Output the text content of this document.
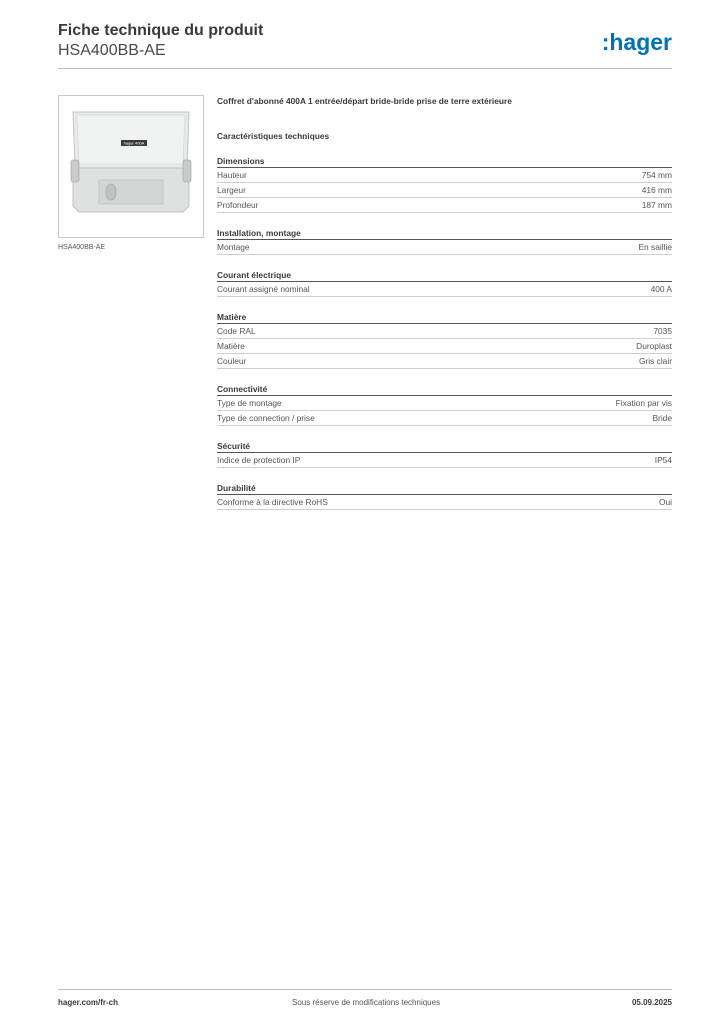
Fiche technique du produit
HSA400BB-AE	:hager
hager 400A
HSA400BB-AE
Coffret d'abonné 400A 1 entrée/départ bride-bride prise de terre extérieure
Caractéristiques techniques
Dimensions
Hauteur	754 mm
Largeur	416 mm
Profondeur	187 mm
Installation, montage
Montage	En saillie
Courant électrique
Courant assigné nominal	400 A
Matière
Code RAL	7035
Matière	Duroplast
Couleur	Gris clair
Connectivité
Type de montage	Fixation par vis
Type de connection / prise	Bride
Sécurité
Indice de protection IP	IP54
Durabilité
Conforme à la directive RoHS	Oui
hager.com/fr-ch	Sous réserve de modifications techniques	05.09.2025
